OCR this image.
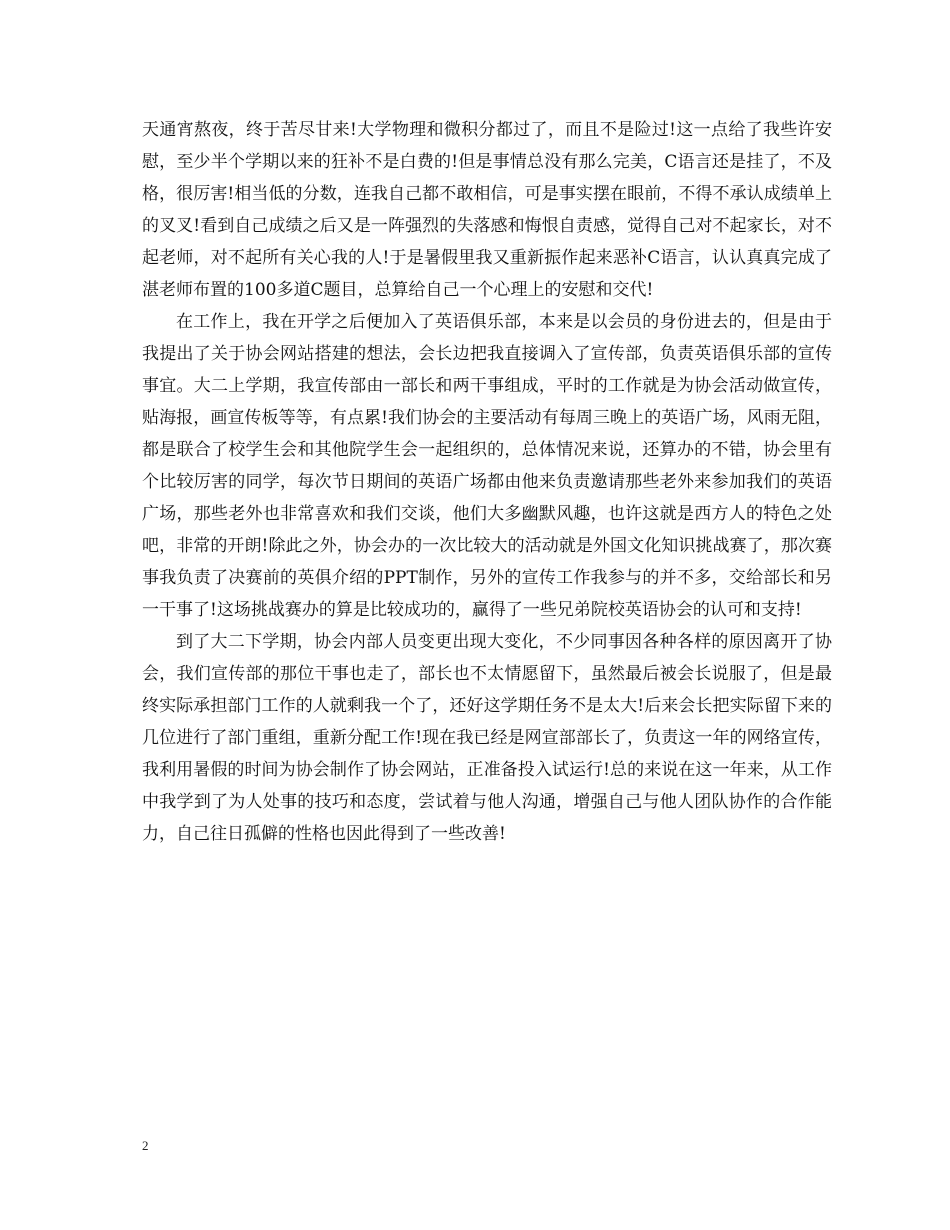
天通宵熬夜，终于苦尽甘来!大学物理和微积分都过了，而且不是险过!这一点给了我些许安慰，至少半个学期以来的狂补不是白费的!但是事情总没有那么完美，C语言还是挂了，不及格，很厉害!相当低的分数，连我自己都不敢相信，可是事实摆在眼前，不得不承认成绩单上的叉叉!看到自己成绩之后又是一阵强烈的失落感和悔恨自责感，觉得自己对不起家长，对不起老师，对不起所有关心我的人!于是暑假里我又重新振作起来恶补C语言，认认真真完成了湛老师布置的100多道C题目，总算给自己一个心理上的安慰和交代!

在工作上，我在开学之后便加入了英语俱乐部，本来是以会员的身份进去的，但是由于我提出了关于协会网站搭建的想法，会长边把我直接调入了宣传部，负责英语俱乐部的宣传事宜。大二上学期，我宣传部由一部长和两干事组成，平时的工作就是为协会活动做宣传，贴海报，画宣传板等等，有点累!我们协会的主要活动有每周三晚上的英语广场，风雨无阻，都是联合了校学生会和其他院学生会一起组织的，总体情况来说，还算办的不错，协会里有个比较厉害的同学，每次节日期间的英语广场都由他来负责邀请那些老外来参加我们的英语广场，那些老外也非常喜欢和我们交谈，他们大多幽默风趣，也许这就是西方人的特色之处吧，非常的开朗!除此之外，协会办的一次比较大的活动就是外国文化知识挑战赛了，那次赛事我负责了决赛前的英俱介绍的PPT制作，另外的宣传工作我参与的并不多，交给部长和另一干事了!这场挑战赛办的算是比较成功的，赢得了一些兄弟院校英语协会的认可和支持!

到了大二下学期，协会内部人员变更出现大变化，不少同事因各种各样的原因离开了协会，我们宣传部的那位干事也走了，部长也不太情愿留下，虽然最后被会长说服了，但是最终实际承担部门工作的人就剩我一个了，还好这学期任务不是太大!后来会长把实际留下来的几位进行了部门重组，重新分配工作!现在我已经是网宣部部长了，负责这一年的网络宣传，我利用暑假的时间为协会制作了协会网站，正准备投入试运行!总的来说在这一年来，从工作中我学到了为人处事的技巧和态度，尝试着与他人沟通，增强自己与他人团队协作的合作能力，自己往日孤僻的性格也因此得到了一些改善!

2
